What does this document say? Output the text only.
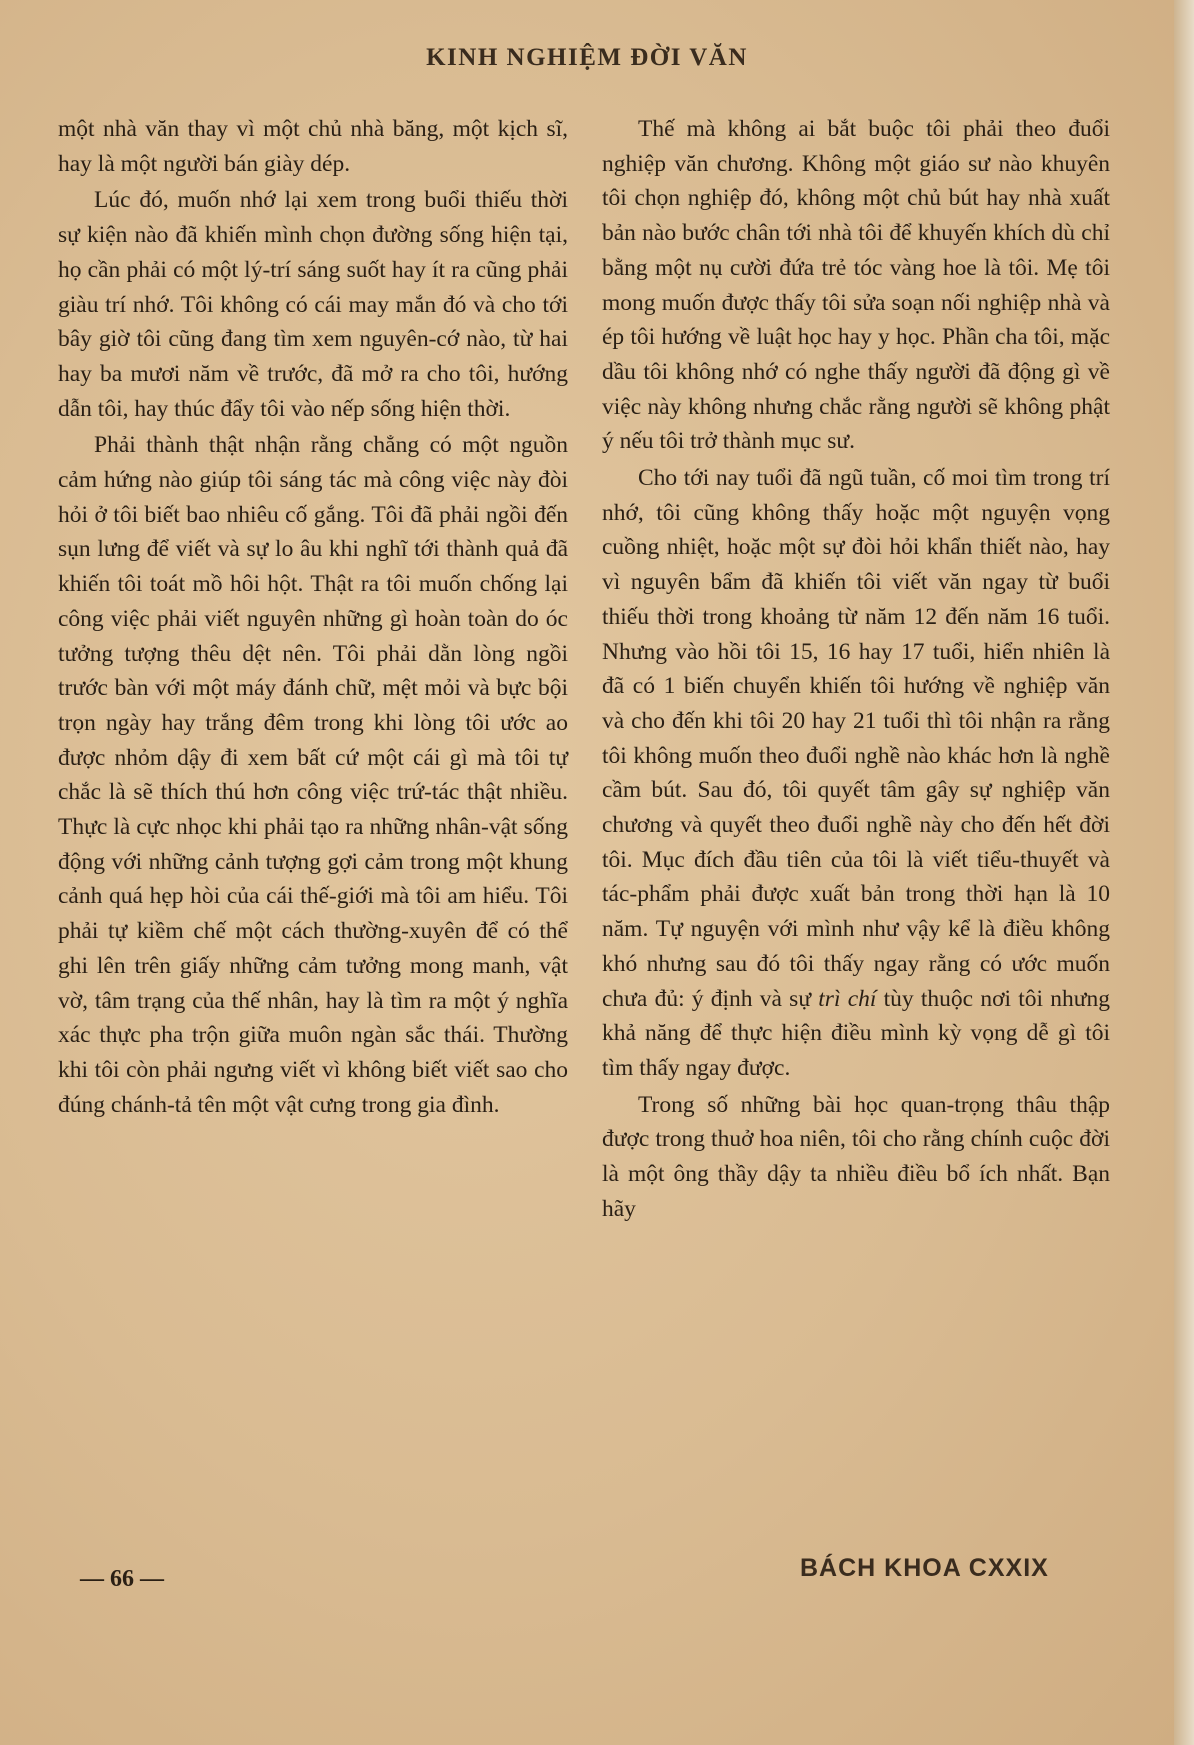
KINH NGHIỆM ĐỜI VĂN

một nhà văn thay vì một chủ nhà băng, một kịch sĩ, hay là một người bán giày dép.

Lúc đó, muốn nhớ lại xem trong buổi thiếu thời sự kiện nào đã khiến mình chọn đường sống hiện tại, họ cần phải có một lý-trí sáng suốt hay ít ra cũng phải giàu trí nhớ. Tôi không có cái may mắn đó và cho tới bây giờ tôi cũng đang tìm xem nguyên-cớ nào, từ hai hay ba mươi năm về trước, đã mở ra cho tôi, hướng dẫn tôi, hay thúc đẩy tôi vào nếp sống hiện thời.

Phải thành thật nhận rằng chẳng có một nguồn cảm hứng nào giúp tôi sáng tác mà công việc này đòi hỏi ở tôi biết bao nhiêu cố gắng. Tôi đã phải ngồi đến sụn lưng để viết và sự lo âu khi nghĩ tới thành quả đã khiến tôi toát mồ hôi hột. Thật ra tôi muốn chống lại công việc phải viết nguyên những gì hoàn toàn do óc tưởng tượng thêu dệt nên. Tôi phải dằn lòng ngồi trước bàn với một máy đánh chữ, mệt mỏi và bực bội trọn ngày hay trắng đêm trong khi lòng tôi ước ao được nhỏm dậy đi xem bất cứ một cái gì mà tôi tự chắc là sẽ thích thú hơn công việc trứ-tác thật nhiều. Thực là cực nhọc khi phải tạo ra những nhân-vật sống động với những cảnh tượng gợi cảm trong một khung cảnh quá hẹp hòi của cái thế-giới mà tôi am hiểu. Tôi phải tự kiềm chế một cách thường-xuyên để có thể ghi lên trên giấy những cảm tưởng mong manh, vật vờ, tâm trạng của thế nhân, hay là tìm ra một ý nghĩa xác thực pha trộn giữa muôn ngàn sắc thái. Thường khi tôi còn phải ngưng viết vì không biết viết sao cho đúng chánh-tả tên một vật cưng trong gia đình.

Thế mà không ai bắt buộc tôi phải theo đuổi nghiệp văn chương. Không một giáo sư nào khuyên tôi chọn nghiệp đó, không một chủ bút hay nhà xuất bản nào bước chân tới nhà tôi để khuyến khích dù chỉ bằng một nụ cười đứa trẻ tóc vàng hoe là tôi. Mẹ tôi mong muốn được thấy tôi sửa soạn nối nghiệp nhà và ép tôi hướng về luật học hay y học. Phần cha tôi, mặc dầu tôi không nhớ có nghe thấy người đã động gì về việc này không nhưng chắc rằng người sẽ không phật ý nếu tôi trở thành mục sư.

Cho tới nay tuổi đã ngũ tuần, cố moi tìm trong trí nhớ, tôi cũng không thấy hoặc một nguyện vọng cuồng nhiệt, hoặc một sự đòi hỏi khẩn thiết nào, hay vì nguyên bẩm đã khiến tôi viết văn ngay từ buổi thiếu thời trong khoảng từ năm 12 đến năm 16 tuổi. Nhưng vào hồi tôi 15, 16 hay 17 tuổi, hiển nhiên là đã có 1 biến chuyển khiến tôi hướng về nghiệp văn và cho đến khi tôi 20 hay 21 tuổi thì tôi nhận ra rằng tôi không muốn theo đuổi nghề nào khác hơn là nghề cầm bút. Sau đó, tôi quyết tâm gây sự nghiệp văn chương và quyết theo đuổi nghề này cho đến hết đời tôi. Mục đích đầu tiên của tôi là viết tiểu-thuyết và tác-phẩm phải được xuất bản trong thời hạn là 10 năm. Tự nguyện với mình như vậy kể là điều không khó nhưng sau đó tôi thấy ngay rằng có ước muốn chưa đủ: ý định và sự trì chí tùy thuộc nơi tôi nhưng khả năng để thực hiện điều mình kỳ vọng dễ gì tôi tìm thấy ngay được.

Trong số những bài học quan-trọng thâu thập được trong thuở hoa niên, tôi cho rằng chính cuộc đời là một ông thầy dậy ta nhiều điều bổ ích nhất. Bạn hãy

— 66 —	BÁCH KHOA CXXIX
